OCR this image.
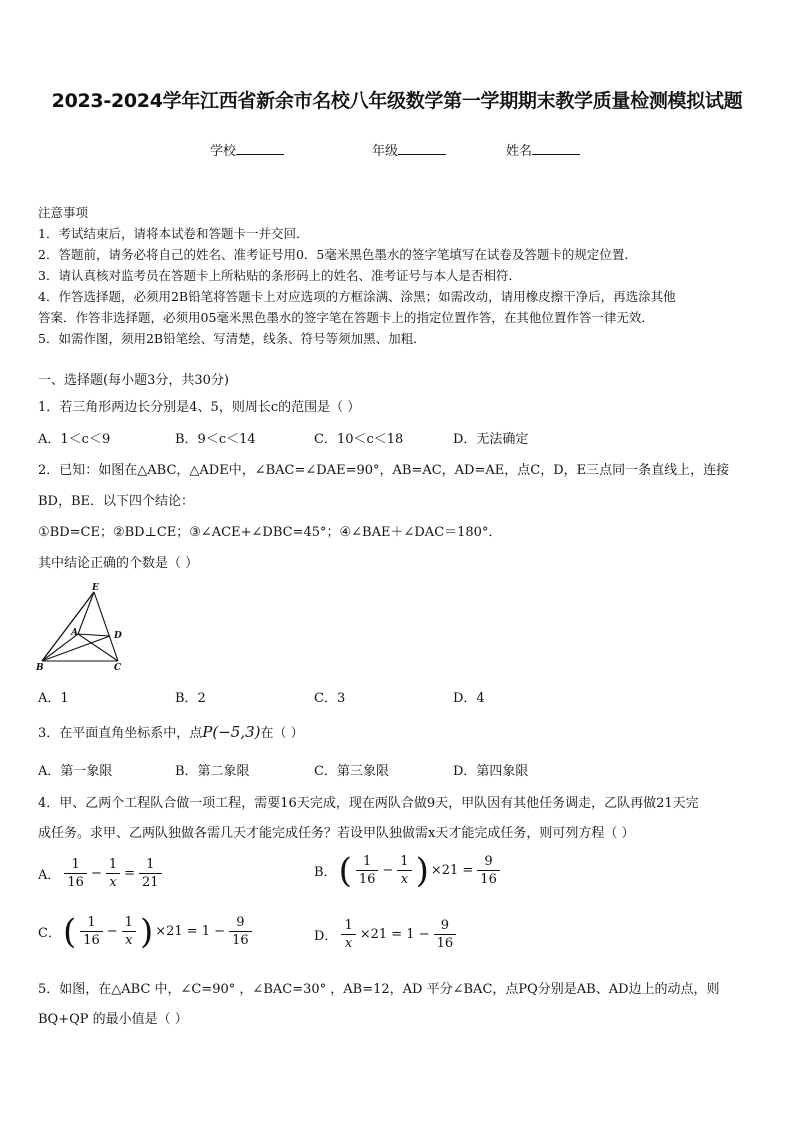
2023-2024学年江西省新余市名校八年级数学第一学期期末教学质量检测模拟试题
学校	年级	姓名
注意事项
1．考试结束后，请将本试卷和答题卡一并交回．
2．答题前，请务必将自己的姓名、准考证号用0．5毫米黑色墨水的签字笔填写在试卷及答题卡的规定位置．
3．请认真核对监考员在答题卡上所粘贴的条形码上的姓名、准考证号与本人是否相符．
4．作答选择题，必须用2B铅笔将答题卡上对应选项的方框涂满、涂黑；如需改动，请用橡皮擦干净后，再选涂其他
答案．作答非选择题，必须用05毫米黑色墨水的签字笔在答题卡上的指定位置作答，在其他位置作答一律无效．
5．如需作图，须用2B铅笔绘、写清楚，线条、符号等须加黑、加粗．
一、选择题(每小题3分，共30分)
1．若三角形两边长分别是4、5，则周长c的范围是（ ）
A．1＜c＜9	B．9＜c＜14	C．10＜c＜18	D．无法确定
2．已知：如图在△ABC，△ADE中，∠BAC=∠DAE=90°，AB=AC，AD=AE，点C，D，E三点同一条直线上，连接
BD，BE．以下四个结论：
①BD=CE；②BD⊥CE；③∠ACE+∠DBC=45°；④∠BAE＋∠DAC＝180°．
其中结论正确的个数是（ ）
E
A	D
B	C
A．1	B．2	C．3	D．4
3．在平面直角坐标系中，点P(−5,3)在（ ）
A．第一象限	B．第二象限	C．第三象限	D．第四象限
4．甲、乙两个工程队合做一项工程，需要16天完成，现在两队合做9天，甲队因有其他任务调走，乙队再做21天完
成任务。求甲、乙两队独做各需几天才能完成任务？若设甲队独做需x天才能完成任务，则可列方程（ ）
A． $\frac{1}{16} - \frac{1}{x} = \frac{1}{21}$	B． ( $\frac{1}{16} - \frac{1}{x}$ ) $\times 21 = \frac{9}{16}$
C． ( $\frac{1}{16} - \frac{1}{x}$ ) $\times 21 = 1 - \frac{9}{16}$	D． $\frac{1}{x} \times 21 = 1 - \frac{9}{16}$
5．如图，在△ABC 中，∠C=90° ，∠BAC=30° ，AB=12，AD 平分∠BAC，点PQ分别是AB、AD边上的动点，则
BQ+QP 的最小值是（ ）
